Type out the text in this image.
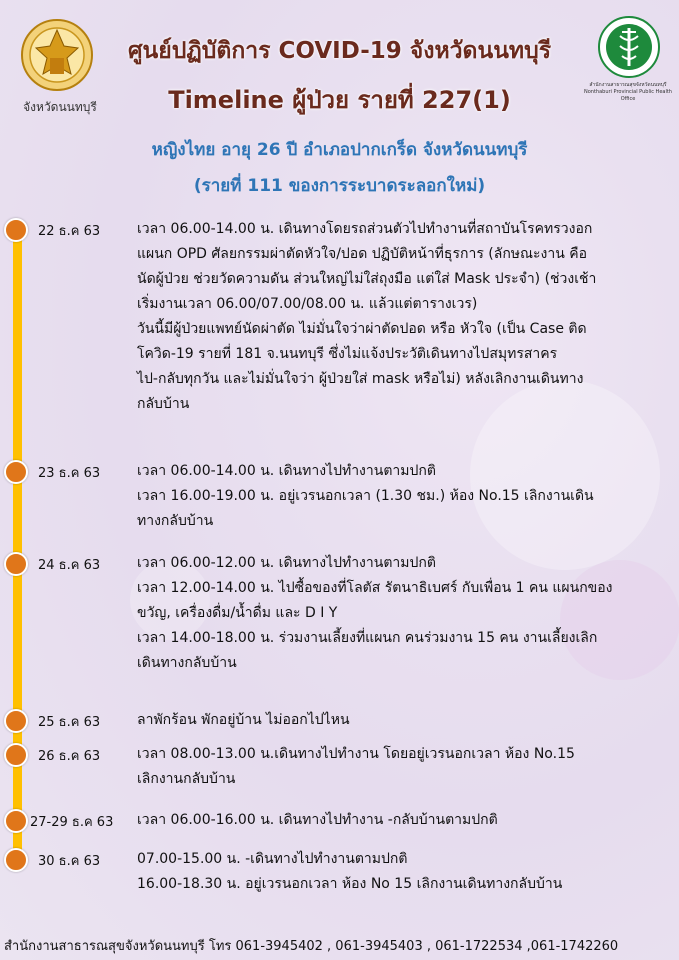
จังหวัดนนทบุรี
สำนักงานสาธารณสุขจังหวัดนนทบุรี
Nonthaburi Provincial Public Health Office
ศูนย์ปฏิบัติการ COVID-19 จังหวัดนนทบุรี
Timeline ผู้ป่วย รายที่ 227(1)
หญิงไทย อายุ 26 ปี อำเภอปากเกร็ด จังหวัดนนทบุรี
(รายที่ 111 ของการระบาดระลอกใหม่)
22 ธ.ค 63	เวลา 06.00-14.00 น. เดินทางโดยรถส่วนตัวไปทำงานที่สถาบันโรคทรวงอก
แผนก OPD ศัลยกรรมผ่าตัดหัวใจ/ปอด ปฏิบัติหน้าที่ธุรการ (ลักษณะงาน คือ
นัดผู้ป่วย ช่วยวัดความดัน ส่วนใหญ่ไม่ใส่ถุงมือ แต่ใส่ Mask ประจำ) (ช่วงเช้า
เริ่มงานเวลา 06.00/07.00/08.00 น. แล้วแต่ตารางเวร)
วันนี้มีผู้ป่วยแพทย์นัดผ่าตัด ไม่มั่นใจว่าผ่าตัดปอด หรือ หัวใจ (เป็น Case ติด
โควิด-19 รายที่ 181 จ.นนทบุรี ซึ่งไม่แจ้งประวัติเดินทางไปสมุทรสาคร
ไป-กลับทุกวัน และไม่มั่นใจว่า ผู้ป่วยใส่ mask หรือไม่) หลังเลิกงานเดินทาง
กลับบ้าน
23 ธ.ค 63	เวลา 06.00-14.00 น. เดินทางไปทำงานตามปกติ
เวลา 16.00-19.00 น. อยู่เวรนอกเวลา (1.30 ชม.) ห้อง No.15 เลิกงานเดิน
ทางกลับบ้าน
24 ธ.ค 63	เวลา 06.00-12.00 น. เดินทางไปทำงานตามปกติ
เวลา 12.00-14.00 น. ไปซื้อของที่โลตัส รัตนาธิเบศร์ กับเพื่อน 1 คน แผนกของ
ขวัญ, เครื่องดื่ม/น้ำดื่ม และ D I Y
เวลา 14.00-18.00 น. ร่วมงานเลี้ยงที่แผนก คนร่วมงาน 15 คน งานเลี้ยงเลิก
เดินทางกลับบ้าน
25 ธ.ค 63	ลาพักร้อน พักอยู่บ้าน ไม่ออกไปไหน
26 ธ.ค 63	เวลา 08.00-13.00 น.เดินทางไปทำงาน โดยอยู่เวรนอกเวลา ห้อง No.15
เลิกงานกลับบ้าน
27-29 ธ.ค 63 เวลา 06.00-16.00 น. เดินทางไปทำงาน -กลับบ้านตามปกติ
30 ธ.ค 63	07.00-15.00 น. -เดินทางไปทำงานตามปกติ
16.00-18.30 น. อยู่เวรนอกเวลา ห้อง No 15 เลิกงานเดินทางกลับบ้าน
สำนักงานสาธารณสุขจังหวัดนนทบุรี โทร 061-3945402 , 061-3945403 , 061-1722534 ,061-1742260
